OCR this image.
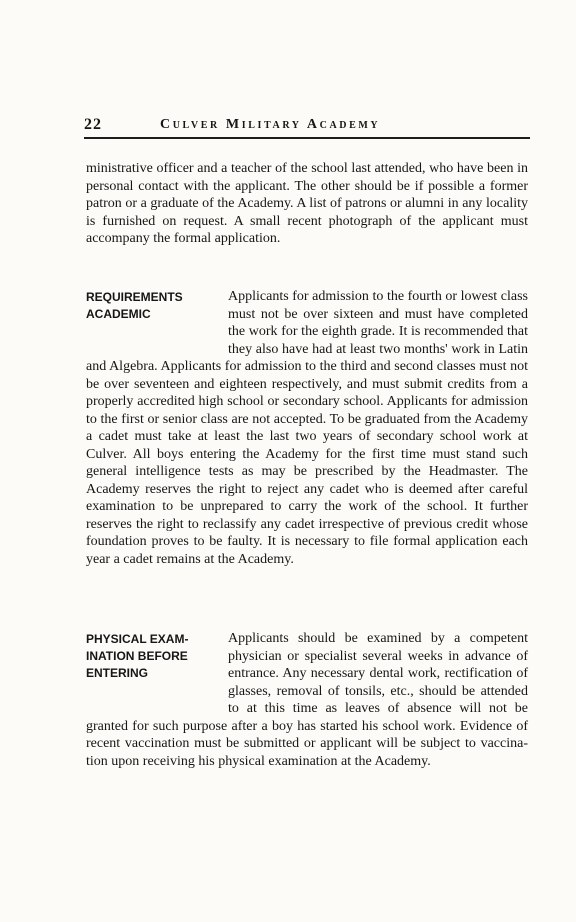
22	Culver Military Academy

ministrative officer and a teacher of the school last attended, who have been in personal contact with the applicant. The other should be if possible a former patron or a graduate of the Academy. A list of patrons or alumni in any locality is furnished on request. A small recent photograph of the applicant must accompany the formal application.

REQUIREMENTS
ACADEMIC

Applicants for admission to the fourth or lowest class must not be over sixteen and must have completed the work for the eighth grade. It is recommended that they also have had at least two months' work in Latin and Algebra. Applicants for admission to the third and second classes must not be over seventeen and eighteen respectively, and must submit credits from a properly accredited high school or secondary school. Applicants for admission to the first or senior class are not accepted. To be graduated from the Academy a cadet must take at least the last two years of secondary school work at Culver. All boys entering the Academy for the first time must stand such general intelligence tests as may be prescribed by the Headmaster. The Academy reserves the right to reject any cadet who is deemed after careful examination to be unprepared to carry the work of the school. It further reserves the right to reclassify any cadet irrespective of previous credit whose foundation proves to be faulty. It is necessary to file formal application each year a cadet remains at the Academy.

PHYSICAL EXAM-
INATION BEFORE
ENTERING

Applicants should be examined by a competent physician or specialist several weeks in advance of entrance. Any necessary dental work, rectification of glasses, removal of tonsils, etc., should be attended to at this time as leaves of absence will not be granted for such purpose after a boy has started his school work. Evidence of recent vaccination must be submitted or applicant will be subject to vaccination upon receiving his physical examination at the Academy.
